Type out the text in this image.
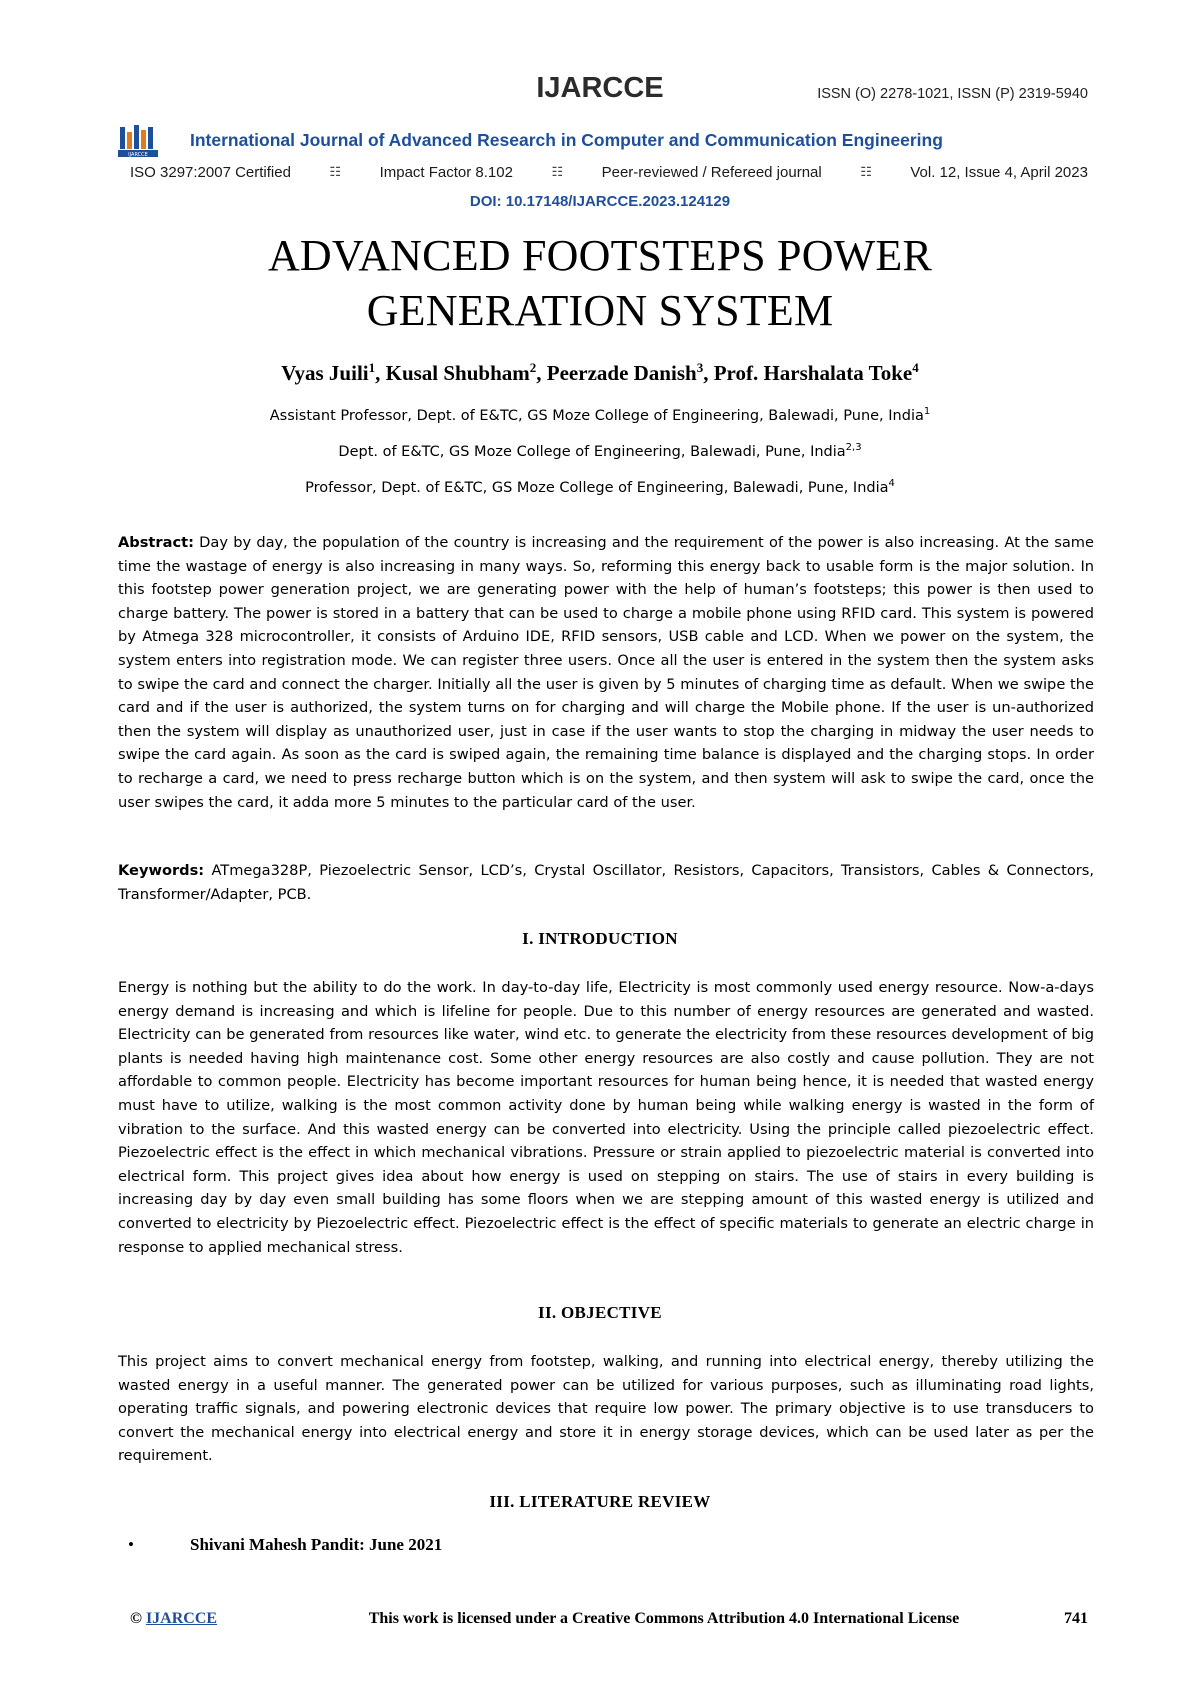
IJARCCE	ISSN (O) 2278-1021, ISSN (P) 2319-5940
IJARCCE
International Journal of Advanced Research in Computer and Communication Engineering
ISO 3297:2007 Certified	☷	Impact Factor 8.102	☷	Peer-reviewed / Refereed journal	☷	Vol. 12, Issue 4, April 2023
DOI: 10.17148/IJARCCE.2023.124129
ADVANCED FOOTSTEPS POWER
GENERATION SYSTEM
Vyas Juili$^1$, Kusal Shubham$^2$, Peerzade Danish$^3$, Prof. Harshalata Toke$^4$
Assistant Professor, Dept. of E&TC, GS Moze College of Engineering, Balewadi, Pune, India$^1$
Dept. of E&TC, GS Moze College of Engineering, Balewadi, Pune, India$^{2,3}$
Professor, Dept. of E&TC, GS Moze College of Engineering, Balewadi, Pune, India$^4$
Abstract: Day by day, the population of the country is increasing and the requirement of the power is also increasing. At the same time the wastage of energy is also increasing in many ways. So, reforming this energy back to usable form is the major solution. In this footstep power generation project, we are generating power with the help of human’s footsteps; this power is then used to charge battery. The power is stored in a battery that can be used to charge a mobile phone using RFID card. This system is powered by Atmega 328 microcontroller, it consists of Arduino IDE, RFID sensors, USB cable and LCD. When we power on the system, the system enters into registration mode. We can register three users. Once all the user is entered in the system then the system asks to swipe the card and connect the charger. Initially all the user is given by 5 minutes of charging time as default. When we swipe the card and if the user is authorized, the system turns on for charging and will charge the Mobile phone. If the user is un-authorized then the system will display as unauthorized user, just in case if the user wants to stop the charging in midway the user needs to swipe the card again. As soon as the card is swiped again, the remaining time balance is displayed and the charging stops. In order to recharge a card, we need to press recharge button which is on the system, and then system will ask to swipe the card, once the user swipes the card, it adda more 5 minutes to the particular card of the user.
Keywords: ATmega328P, Piezoelectric Sensor, LCD’s, Crystal Oscillator, Resistors, Capacitors, Transistors, Cables & Connectors, Transformer/Adapter, PCB.
I. INTRODUCTION
Energy is nothing but the ability to do the work. In day-to-day life, Electricity is most commonly used energy resource. Now-a-days energy demand is increasing and which is lifeline for people. Due to this number of energy resources are generated and wasted. Electricity can be generated from resources like water, wind etc. to generate the electricity from these resources development of big plants is needed having high maintenance cost. Some other energy resources are also costly and cause pollution. They are not affordable to common people. Electricity has become important resources for human being hence, it is needed that wasted energy must have to utilize, walking is the most common activity done by human being while walking energy is wasted in the form of vibration to the surface. And this wasted energy can be converted into electricity. Using the principle called piezoelectric effect. Piezoelectric effect is the effect in which mechanical vibrations. Pressure or strain applied to piezoelectric material is converted into electrical form. This project gives idea about how energy is used on stepping on stairs. The use of stairs in every building is increasing day by day even small building has some floors when we are stepping amount of this wasted energy is utilized and converted to electricity by Piezoelectric effect. Piezoelectric effect is the effect of specific materials to generate an electric charge in response to applied mechanical stress.
II. OBJECTIVE
This project aims to convert mechanical energy from footstep, walking, and running into electrical energy, thereby utilizing the wasted energy in a useful manner. The generated power can be utilized for various purposes, such as illuminating road lights, operating traffic signals, and powering electronic devices that require low power. The primary objective is to use transducers to convert the mechanical energy into electrical energy and store it in energy storage devices, which can be used later as per the requirement.
III. LITERATURE REVIEW
•	Shivani Mahesh Pandit: June 2021
© IJARCCE	This work is licensed under a Creative Commons Attribution 4.0 International License	741
